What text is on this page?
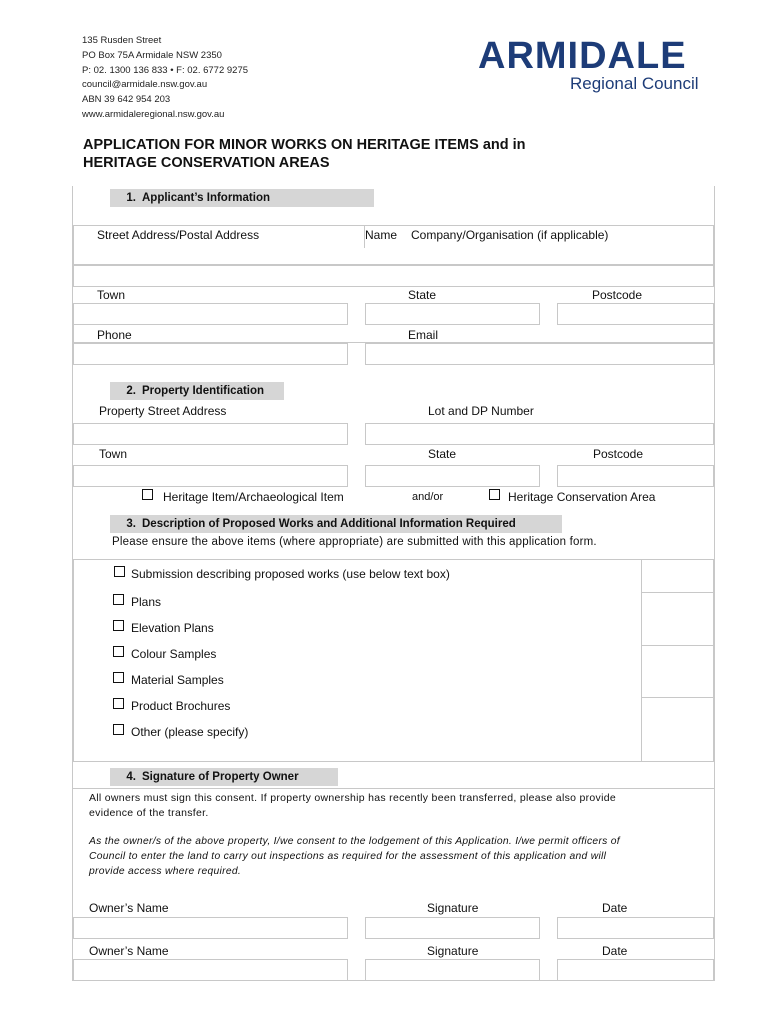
135 Rusden Street
PO Box 75A Armidale NSW 2350
P: 02. 1300 136 833 • F: 02. 6772 9275
council@armidale.nsw.gov.au
ABN 39 642 954 203
www.armidaleregional.nsw.gov.au
ARMIDALE
Regional Council
APPLICATION FOR MINOR WORKS ON HERITAGE ITEMS and in
HERITAGE CONSERVATION AREAS
1. Applicant’s Information
Street Address/Postal Address	Name Company/Organisation (if applicable)
Town	State	Postcode
Phone	Email
2. Property Identification
Property Street Address	Lot and DP Number
Town	State	Postcode
Heritage Item/Archaeological Item	and/or	Heritage Conservation Area
3. Description of Proposed Works and Additional Information Required
Please ensure the above items (where appropriate) are submitted with this application form.
Submission describing proposed works (use below text box)
Plans
Elevation Plans
Colour Samples
Material Samples
Product Brochures
Other (please specify)
4. Signature of Property Owner
All owners must sign this consent. If property ownership has recently been transferred, please also provide
evidence of the transfer.
As the owner/s of the above property, I/we consent to the lodgement of this Application. I/we permit officers of
Council to enter the land to carry out inspections as required for the assessment of this application and will
provide access where required.
Owner’s Name	Signature	Date
Owner’s Name	Signature	Date
